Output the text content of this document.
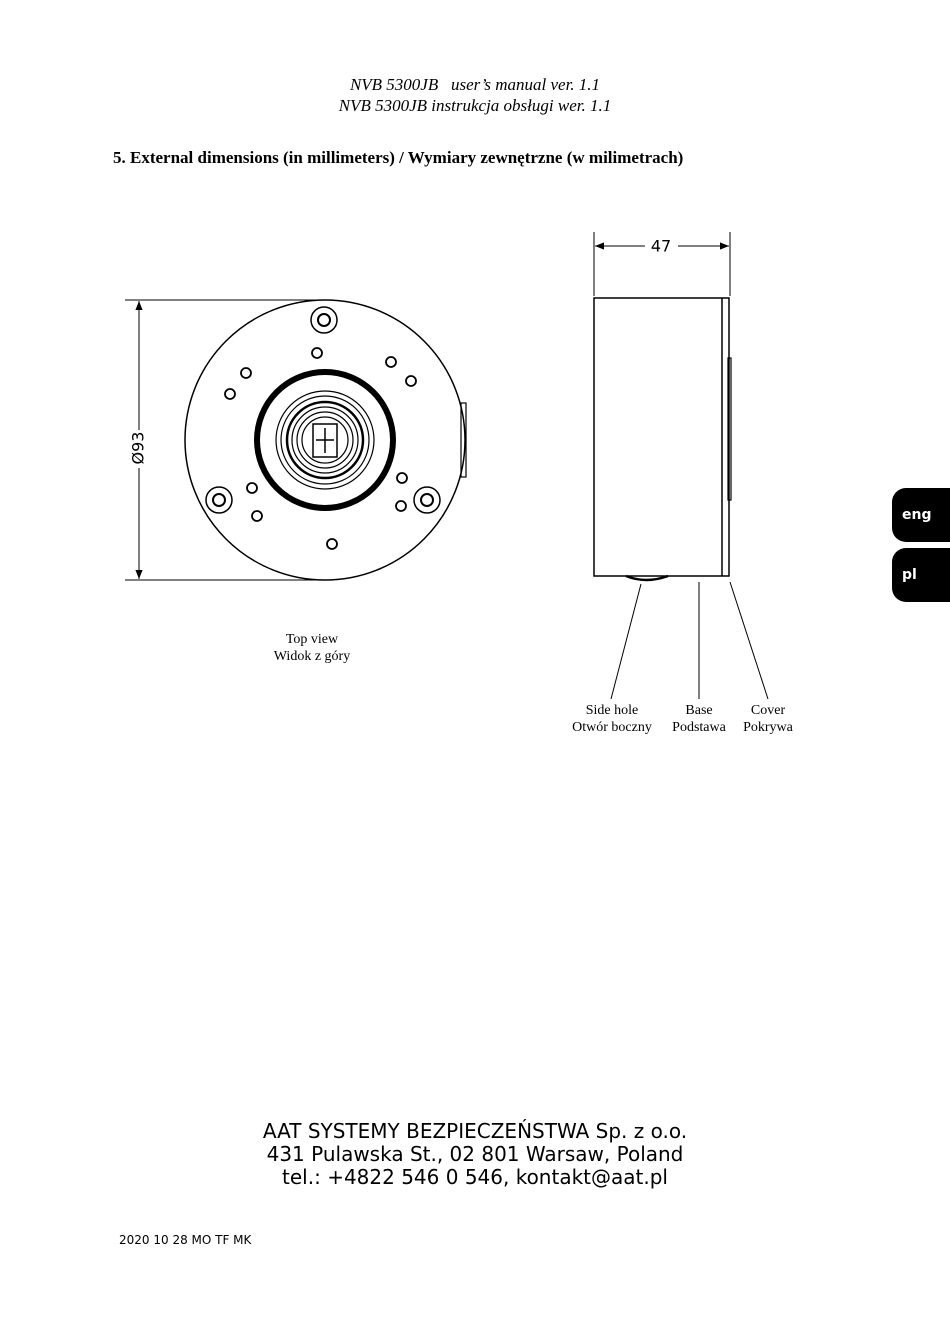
NVB 5300JB user’s manual ver. 1.1
NVB 5300JB instrukcja obsługi wer. 1.1
5. External dimensions (in millimeters) / Wymiary zewnętrzne (w milimetrach)
Ø93
47
Top view
Widok z góry
Side hole
Otwór boczny
Base
Podstawa
Cover
Pokrywa
eng
pl
AAT SYSTEMY BEZPIECZEŃSTWA Sp. z o.o.
431 Pulawska St., 02 801 Warsaw, Poland
tel.: +4822 546 0 546, kontakt@aat.pl
2020 10 28 MO TF MK
